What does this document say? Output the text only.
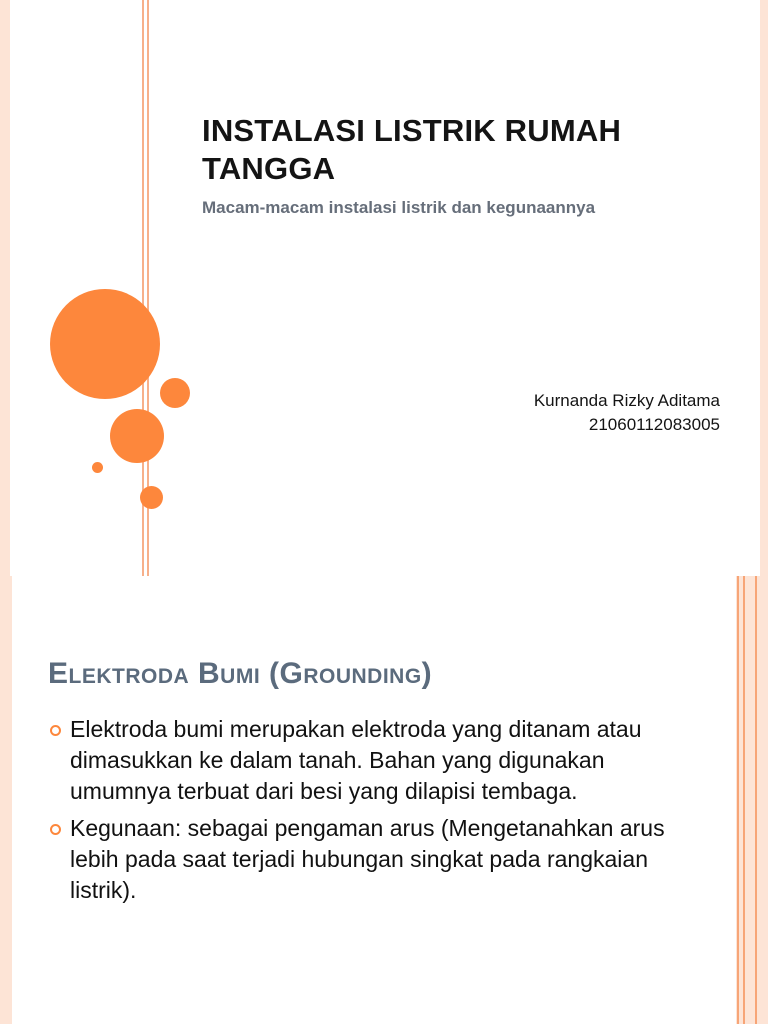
INSTALASI LISTRIK RUMAH TANGGA
Macam-macam instalasi listrik dan kegunaannya
Kurnanda Rizky Aditama
21060112083005
Elektroda Bumi (Grounding)
Elektroda bumi merupakan elektroda yang ditanam atau dimasukkan ke dalam tanah. Bahan yang digunakan umumnya terbuat dari besi yang dilapisi tembaga.
Kegunaan: sebagai pengaman arus (Mengetanahkan arus lebih pada saat terjadi hubungan singkat pada rangkaian listrik).
